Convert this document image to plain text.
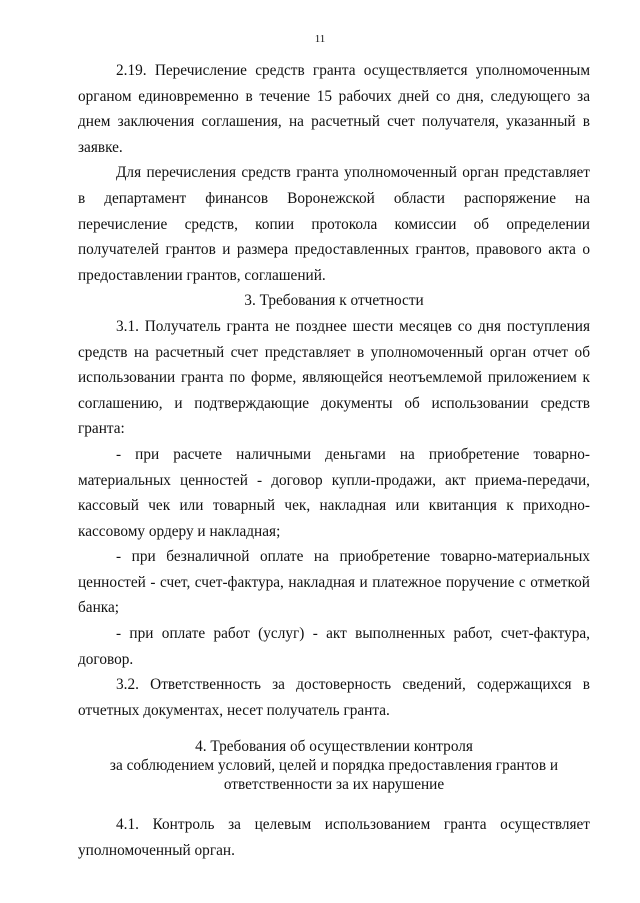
11

2.19. Перечисление средств гранта осуществляется уполномоченным органом единовременно в течение 15 рабочих дней со дня, следующего за днем заключения соглашения, на расчетный счет получателя, указанный в заявке.

Для перечисления средств гранта уполномоченный орган представляет в департамент финансов Воронежской области распоряжение на перечисление средств, копии протокола комиссии об определении получателей грантов и размера предоставленных грантов, правового акта о предоставлении грантов, соглашений.

3. Требования к отчетности

3.1. Получатель гранта не позднее шести месяцев со дня поступления средств на расчетный счет представляет в уполномоченный орган отчет об использовании гранта по форме, являющейся неотъемлемой приложением к соглашению, и подтверждающие документы об использовании средств гранта:

- при расчете наличными деньгами на приобретение товарно-материальных ценностей - договор купли-продажи, акт приема-передачи, кассовый чек или товарный чек, накладная или квитанция к приходно-кассовому ордеру и накладная;

- при безналичной оплате на приобретение товарно-материальных ценностей - счет, счет-фактура, накладная и платежное поручение с отметкой банка;

- при оплате работ (услуг) - акт выполненных работ, счет-фактура, договор.

3.2. Ответственность за достоверность сведений, содержащихся в отчетных документах, несет получатель гранта.

4. Требования об осуществлении контроля
за соблюдением условий, целей и порядка предоставления грантов и
ответственности за их нарушение

4.1. Контроль за целевым использованием гранта осуществляет уполномоченный орган.
